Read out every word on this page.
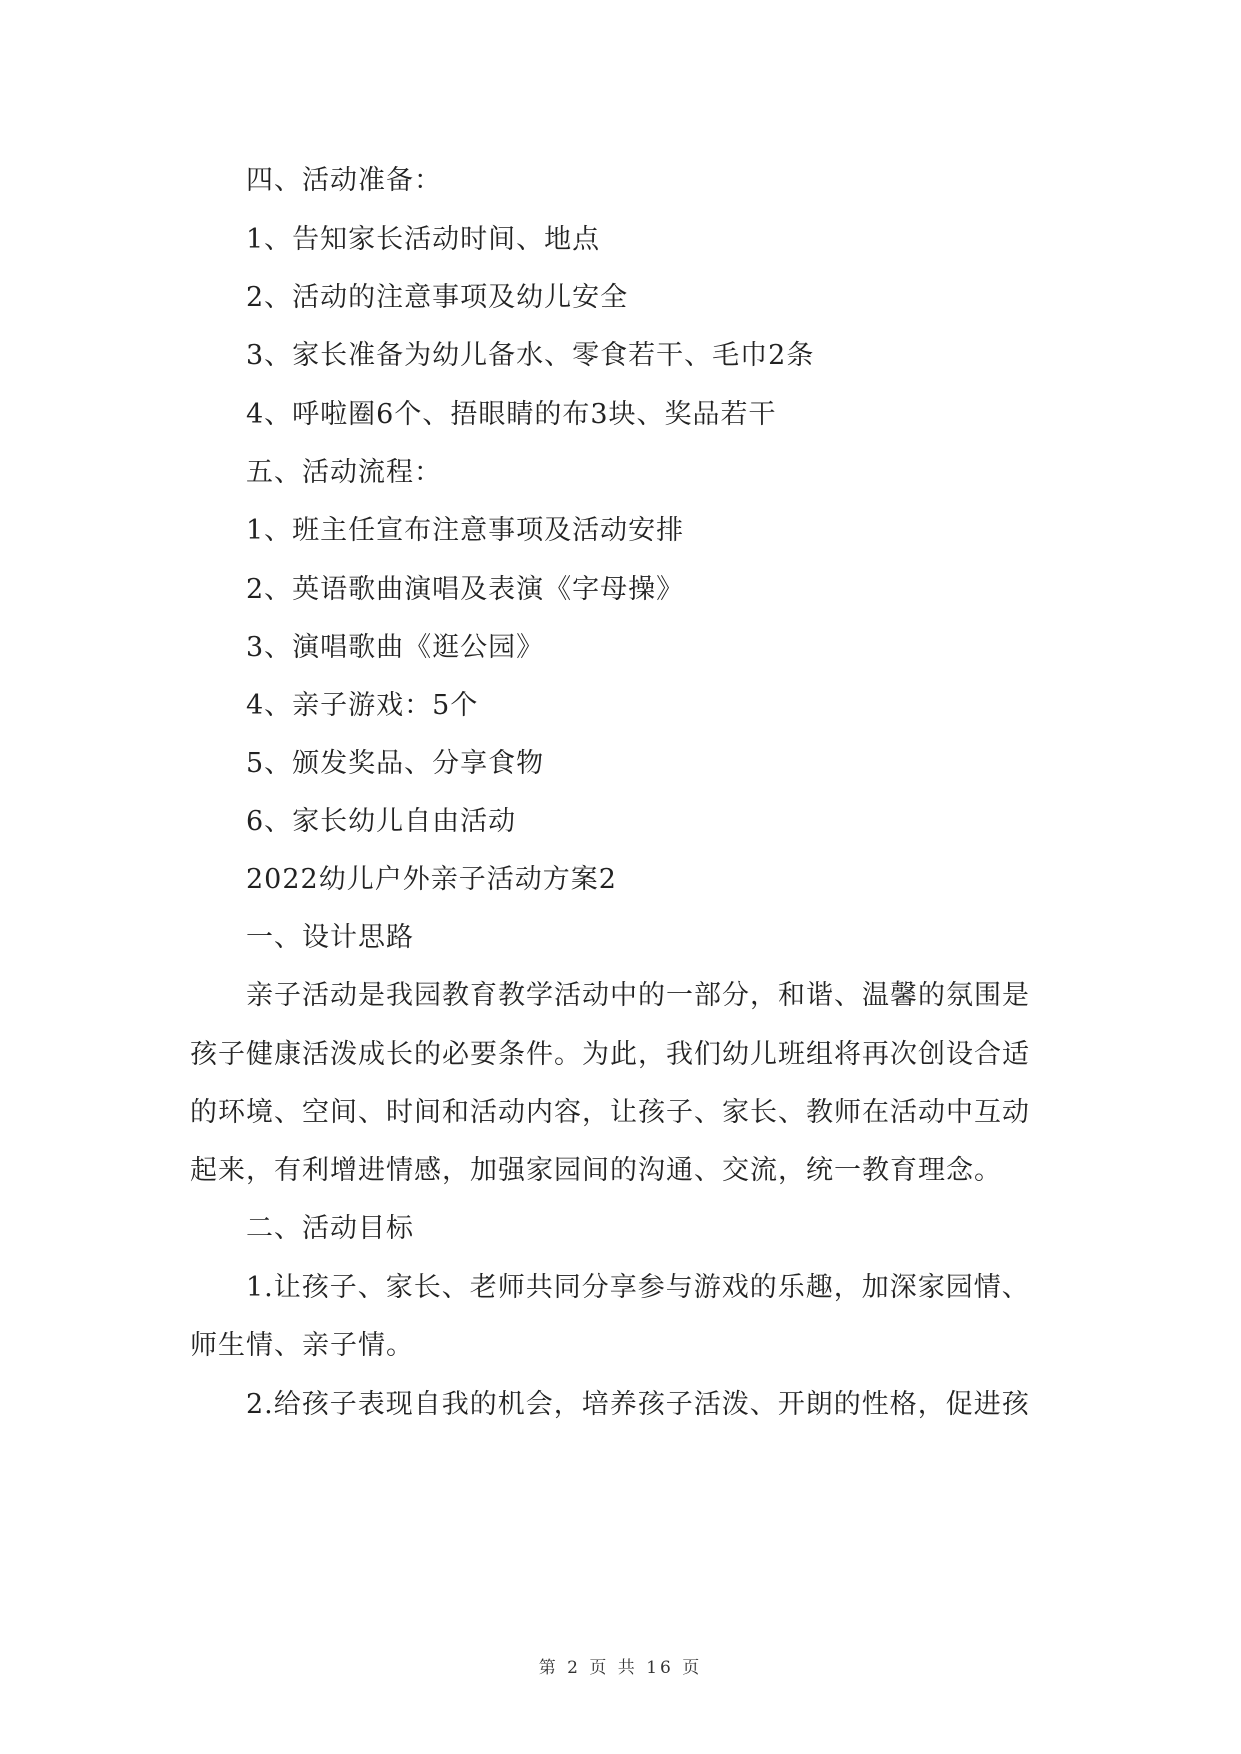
四、活动准备：
1、告知家长活动时间、地点
2、活动的注意事项及幼儿安全
3、家长准备为幼儿备水、零食若干、毛巾2条
4、呼啦圈6个、捂眼睛的布3块、奖品若干
五、活动流程：
1、班主任宣布注意事项及活动安排
2、英语歌曲演唱及表演《字母操》
3、演唱歌曲《逛公园》
4、亲子游戏：5个
5、颁发奖品、分享食物
6、家长幼儿自由活动
2022幼儿户外亲子活动方案2
一、设计思路
亲子活动是我园教育教学活动中的一部分，和谐、温馨的氛围是
孩子健康活泼成长的必要条件。为此，我们幼儿班组将再次创设合适
的环境、空间、时间和活动内容，让孩子、家长、教师在活动中互动
起来，有利增进情感，加强家园间的沟通、交流，统一教育理念。
二、活动目标
1.让孩子、家长、老师共同分享参与游戏的乐趣，加深家园情、
师生情、亲子情。
2.给孩子表现自我的机会，培养孩子活泼、开朗的性格，促进孩
第 2 页 共 16 页
